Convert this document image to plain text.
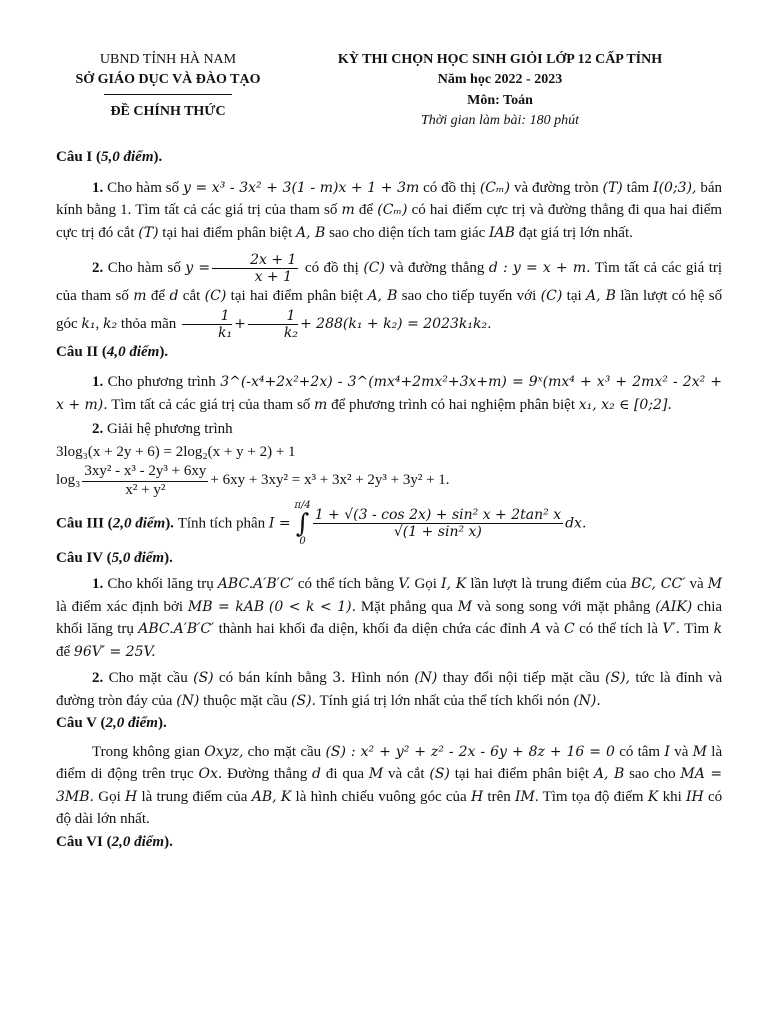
UBND TỈNH HÀ NAM
SỞ GIÁO DỤC VÀ ĐÀO TẠO
ĐỀ CHÍNH THỨC
KỲ THI CHỌN HỌC SINH GIỎI LỚP 12 CẤP TỈNH
Năm học 2022 - 2023
Môn: Toán
Thời gian làm bài: 180 phút

Câu I (5,0 điểm).

1. Cho hàm số y = x³ - 3x² + 3(1 - m)x + 1 + 3m có đồ thị (Cₘ) và đường tròn (T) tâm I(0;3), bán kính bằng 1. Tìm tất cả các giá trị của tham số m để (Cₘ) có hai điểm cực trị và đường thẳng đi qua hai điểm cực trị đó cắt (T) tại hai điểm phân biệt A, B sao cho diện tích tam giác IAB đạt giá trị lớn nhất.

2. Cho hàm số $y = \frac{2x + 1}{x + 1}$ có đồ thị (C) và đường thẳng d : y = x + m. Tìm tất cả các giá trị của tham số m để d cắt (C) tại hai điểm phân biệt A, B sao cho tiếp tuyến với (C) tại A, B lần lượt có hệ số góc k₁, k₂ thỏa mãn $\frac{1}{\text{k₁}} + \frac{1}{\text{k₂}} + 288(k_1 + k_2) = 2023k_1k_2$.

Câu II (4,0 điểm).

1. Cho phương trình 3^(-x⁴+2x²+2x) - 3^(mx⁴+2mx²+3x+m) = 9ˣ(mx⁴ + x³ + 2mx² - 2x² + x + m). Tìm tất cả các giá trị của tham số m để phương trình có hai nghiệm phân biệt x₁, x₂ ∈ [0;2].

2. Giải hệ phương trình

3log₃(x + 2y + 6) = 2log₂(x + y + 2) + 1
$\log_3 \frac{\text{3xy² - x³ - 2y³ + 6xy}}{\text{x² + y²}} + 6xy + 3xy^2 = x^3 + 3x^2 + 2y^3 + 3y^2 + 1$.

Câu III (2,0 điểm). Tính tích phân I =
π/4
∫
0
$\frac{\text{1 + √(3 - cos 2x) + sin² x + 2tan² x}}{\text{√(1 + sin² x)}}$ dx.

Câu IV (5,0 điểm).

1. Cho khối lăng trụ ABC.A′B′C′ có thể tích bằng V. Gọi I, K lần lượt là trung điểm của BC, CC′ và M là điểm xác định bởi MB = kAB (0 < k < 1). Mặt phẳng qua M và song song với mặt phẳng (AIK) chia khối lăng trụ ABC.A′B′C′ thành hai khối đa diện, khối đa diện chứa các đỉnh A và C có thể tích là V′. Tìm k để 96V′ = 25V.

2. Cho mặt cầu (S) có bán kính bằng 3. Hình nón (N) thay đổi nội tiếp mặt cầu (S), tức là đỉnh và đường tròn đáy của (N) thuộc mặt cầu (S). Tính giá trị lớn nhất của thể tích khối nón (N).

Câu V (2,0 điểm).

Trong không gian Oxyz, cho mặt cầu (S) : x² + y² + z² - 2x - 6y + 8z + 16 = 0 có tâm I và M là điểm di động trên trục Ox. Đường thẳng d đi qua M và cắt (S) tại hai điểm phân biệt A, B sao cho MA = 3MB. Gọi H là trung điểm của AB, K là hình chiếu vuông góc của H trên IM. Tìm tọa độ điểm K khi IH có độ dài lớn nhất.

Câu VI (2,0 điểm).
